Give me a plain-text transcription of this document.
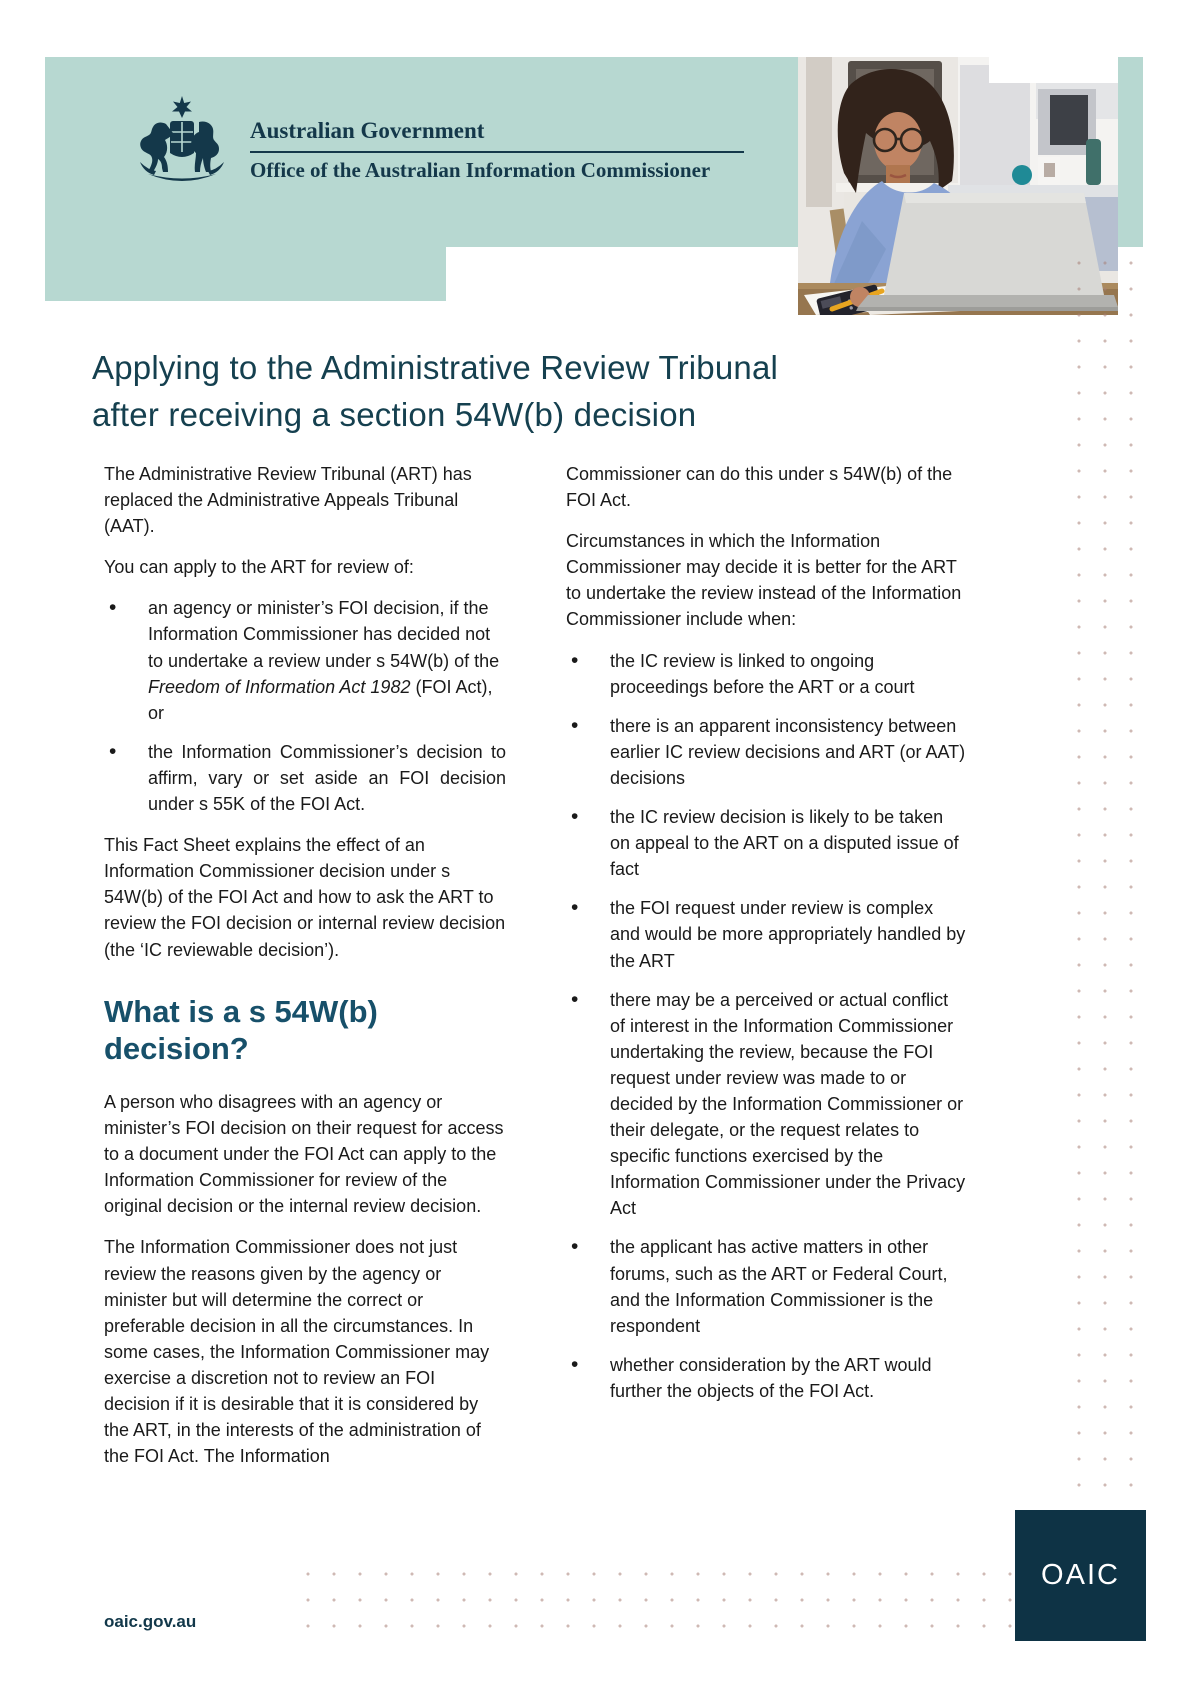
Australian Government
Office of the Australian Information Commissioner
Applying to the Administrative Review Tribunal
after receiving a section 54W(b) decision

The Administrative Review Tribunal (ART) has replaced the Administrative Appeals Tribunal (AAT).

You can apply to the ART for review of:

• an agency or minister’s FOI decision, if the Information Commissioner has decided not to undertake a review under s 54W(b) of the Freedom of Information Act 1982 (FOI Act), or
• the Information Commissioner’s decision to affirm, vary or set aside an FOI decision under s 55K of the FOI Act.

This Fact Sheet explains the effect of an Information Commissioner decision under s 54W(b) of the FOI Act and how to ask the ART to review the FOI decision or internal review decision (the ‘IC reviewable decision’).

What is a s 54W(b) decision?

A person who disagrees with an agency or minister’s FOI decision on their request for access to a document under the FOI Act can apply to the Information Commissioner for review of the original decision or the internal review decision.

The Information Commissioner does not just review the reasons given by the agency or minister but will determine the correct or preferable decision in all the circumstances. In some cases, the Information Commissioner may exercise a discretion not to review an FOI decision if it is desirable that it is considered by the ART, in the interests of the administration of the FOI Act. The Information

Commissioner can do this under s 54W(b) of the FOI Act.

Circumstances in which the Information Commissioner may decide it is better for the ART to undertake the review instead of the Information Commissioner include when:

• the IC review is linked to ongoing proceedings before the ART or a court
• there is an apparent inconsistency between earlier IC review decisions and ART (or AAT) decisions
• the IC review decision is likely to be taken on appeal to the ART on a disputed issue of fact
• the FOI request under review is complex and would be more appropriately handled by the ART
• there may be a perceived or actual conflict of interest in the Information Commissioner undertaking the review, because the FOI request under review was made to or decided by the Information Commissioner or their delegate, or the request relates to specific functions exercised by the Information Commissioner under the Privacy Act
• the applicant has active matters in other forums, such as the ART or Federal Court, and the Information Commissioner is the respondent
• whether consideration by the ART would further the objects of the FOI Act.
oaic.gov.au
OAIC
